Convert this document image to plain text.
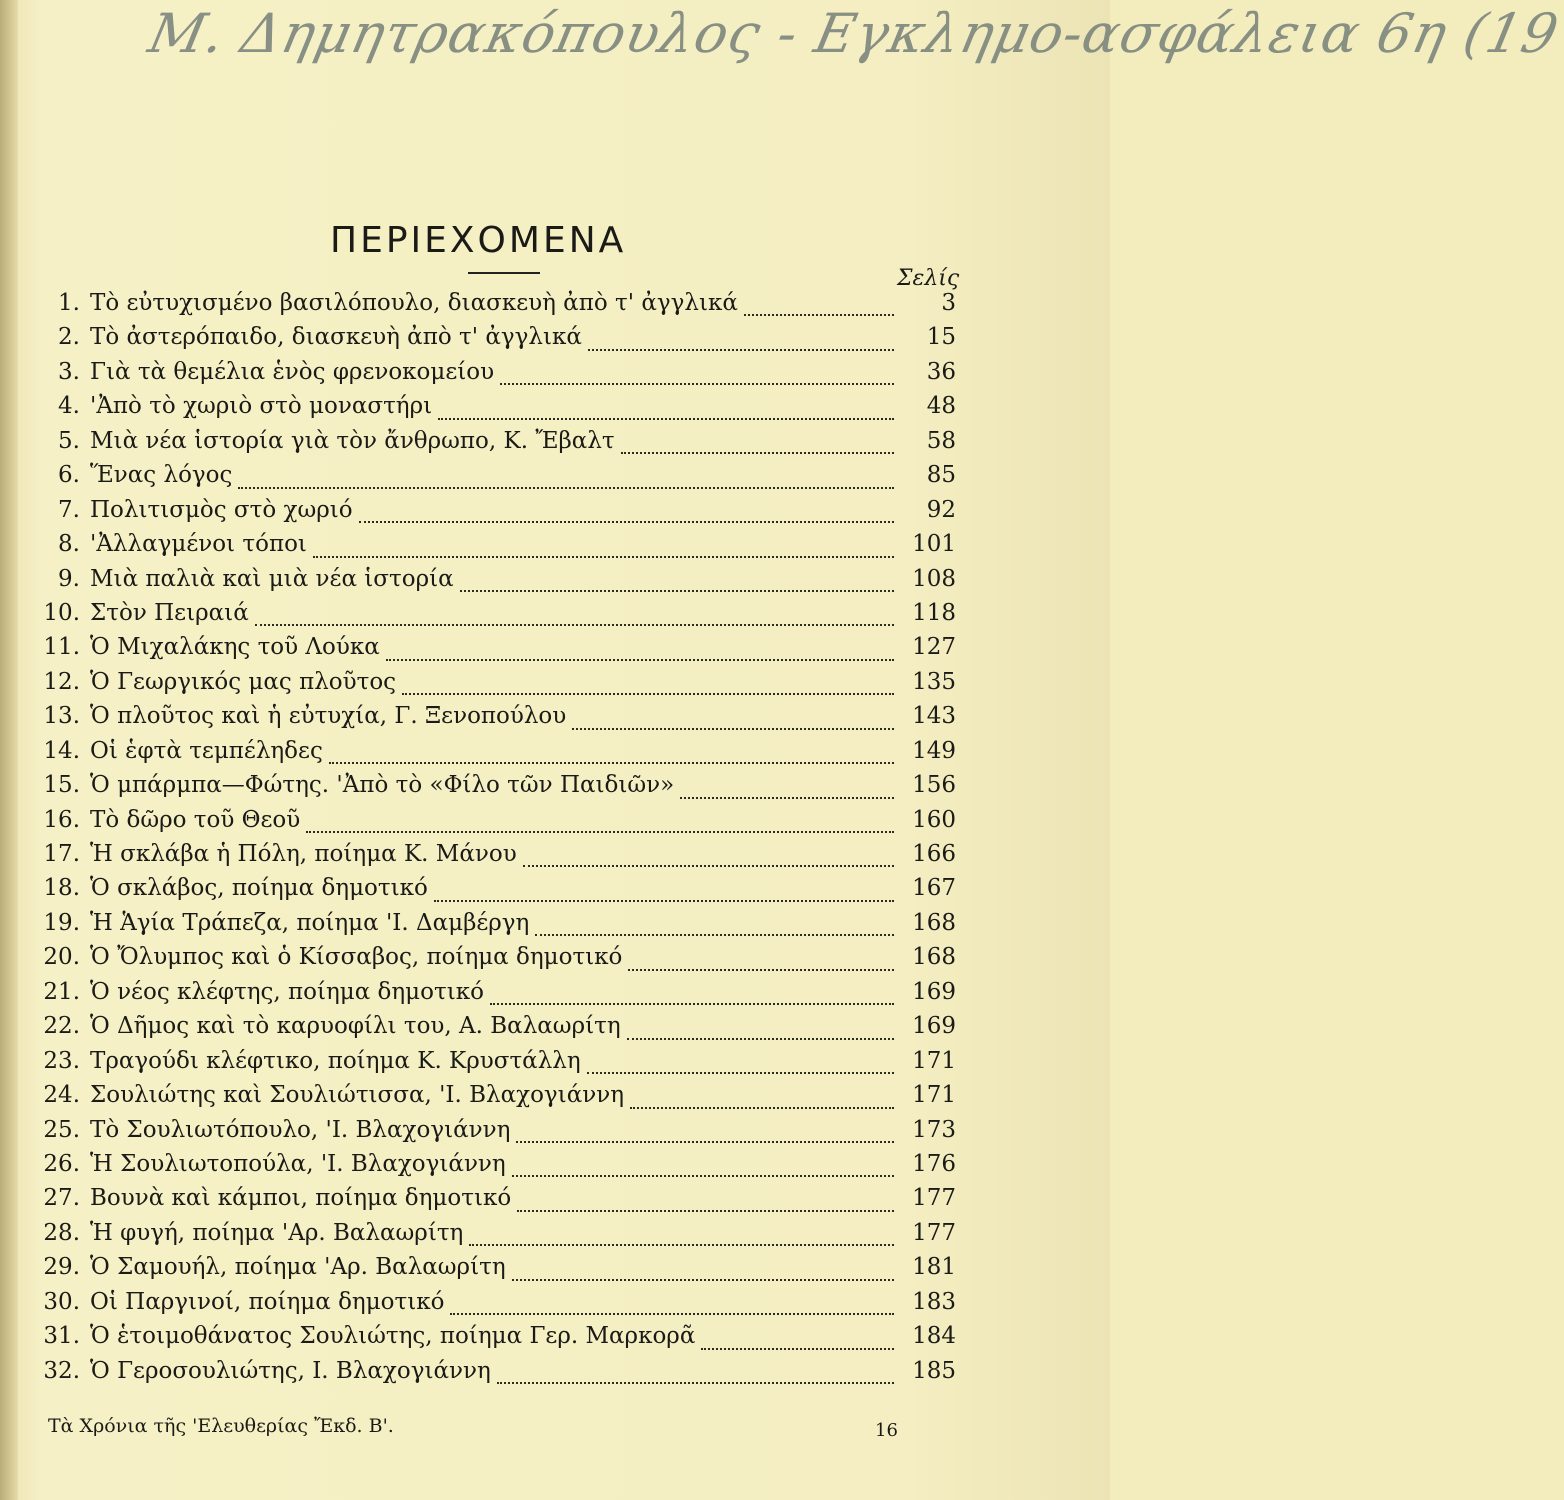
Μ. Δημητρακόπουλος - Εγκλημο-ασφάλεια 6η (19
ΠΕΡΙΕΧΟΜΕΝΑ
Σελίς
1. Τὸ εὐτυχισμένο βασιλόπουλο, διασκευὴ ἀπὸ τ' ἀγγλικά	3
2. Τὸ ἀστερόπαιδο, διασκευὴ ἀπὸ τ' ἀγγλικά	15
3. Γιὰ τὰ θεμέλια ἑνὸς φρενοκομείου	36
4. 'Ἀπὸ τὸ χωριὸ στὸ μοναστήρι	48
5. Μιὰ νέα ἱστορία γιὰ τὸν ἄνθρωπο, Κ. Ἔβαλτ	58
6. Ἕνας λόγος	85
7. Πολιτισμὸς στὸ χωριό	92
8. 'Ἀλλαγμένοι τόποι	101
9. Μιὰ παλιὰ καὶ μιὰ νέα ἱστορία	108
10. Στὸν Πειραιά	118
11. Ὁ Μιχαλάκης τοῦ Λούκα	127
12. Ὁ Γεωργικός μας πλοῦτος	135
13. Ὁ πλοῦτος καὶ ἡ εὐτυχία, Γ. Ξενοπούλου	143
14. Οἱ ἑφτὰ τεμπέληδες	149
15. Ὁ μπάρμπα—Φώτης. 'Ἀπὸ τὸ «Φίλο τῶν Παιδιῶν»	156
16. Τὸ δῶρο τοῦ Θεοῦ	160
17. Ἡ σκλάβα ἡ Πόλη, ποίημα Κ. Μάνου	166
18. Ὁ σκλάβος, ποίημα δημοτικό	167
19. Ἡ Ἁγία Τράπεζα, ποίημα 'Ι. Δαμβέργη	168
20. Ὁ Ὄλυμπος καὶ ὁ Κίσσαβος, ποίημα δημοτικό	168
21. Ὁ νέος κλέφτης, ποίημα δημοτικό	169
22. Ὁ Δῆμος καὶ τὸ καρυοφίλι του, Α. Βαλαωρίτη	169
23. Τραγούδι κλέφτικο, ποίημα Κ. Κρυστάλλη	171
24. Σουλιώτης καὶ Σουλιώτισσα, 'Ι. Βλαχογιάννη	171
25. Τὸ Σουλιωτόπουλο, 'Ι. Βλαχογιάννη	173
26. Ἡ Σουλιωτοπούλα, 'Ι. Βλαχογιάννη	176
27. Βουνὰ καὶ κάμποι, ποίημα δημοτικό	177
28. Ἡ φυγή, ποίημα 'Αρ. Βαλαωρίτη	177
29. Ὁ Σαμουήλ, ποίημα 'Αρ. Βαλαωρίτη	181
30. Οἱ Παργινοί, ποίημα δημοτικό	183
31. Ὁ ἑτοιμοθάνατος Σουλιώτης, ποίημα Γερ. Μαρκορᾶ	184
32. Ὁ Γεροσουλιώτης, Ι. Βλαχογιάννη	185
Τὰ Χρόνια τῆς 'Ελευθερίας Ἔκδ. Β'.	16
